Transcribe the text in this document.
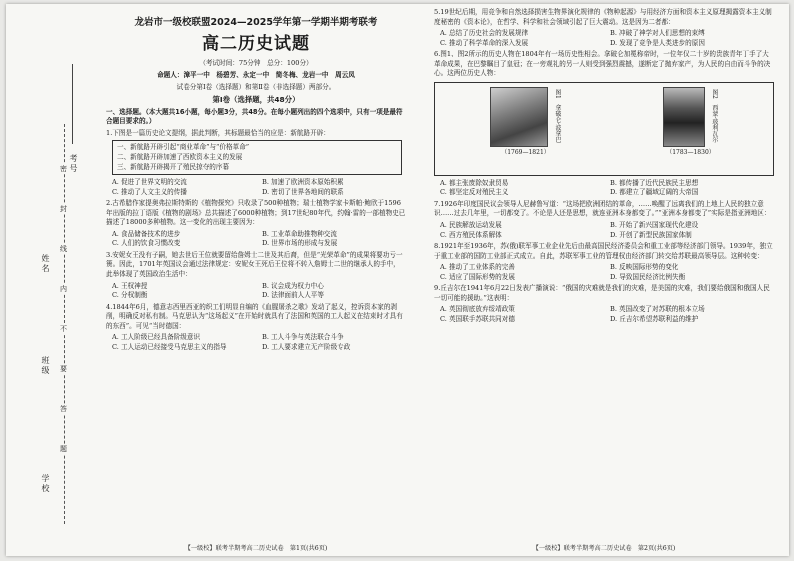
考号
姓名
班级
学校
密
封
线
内
不
要
答
题
龙岩市一级校联盟2024—2025学年第一学期半期考联考
高二历史试题

（考试时间：75分钟　总分：100分）

命题人：漳平一中　杨碧芳、永定一中　简冬梅、龙岩一中　周云凤

试卷分第Ⅰ卷（选择题）和第Ⅱ卷（非选择题）两部分。

第Ⅰ卷（选择题，共48分）

一、选择题。（本大题共16小题，每小题3分，共48分。在每小题列出的四个选项中，只有一项是最符合题目要求的。）

1.下图是一篇历史论文提纲，据此判断，其标题最恰当的应是：新航路开辟：

一、新航路开辟引起“商业革命”与“价格革命”
二、新航路开辟加速了西欧资本主义的发展
三、新航路开辟揭开了殖民掠夺的序幕
A. 促进了世界文明的交流	B. 加速了欧洲资本原始积累
C. 推动了人文主义的传播	D. 密切了世界各地间的联系

2.古希腊作家提奥弗拉斯特斯的《植物探究》只收录了500种植物；瑞士植物学家卡斯帕·鲍欣于1596年出版的拉丁语版《植物的剧场》总共描述了6000种植物；到17世纪80年代，约翰·雷的一部植物史已描述了18000多种植物。这一变化的出现主要因为：

A. 食品储备技术的进步	B. 工业革命助推物种交流
C. 人们的饮食习惯改变	D. 世界市场的形成与发展

3.安妮女王没有子嗣，她去世后王位就要留给詹姆士二世及其后裔，但是“光荣革命”的成果将要功亏一篑。因此，1701年英国议会通过法律规定：安妮女王死后王位将不转入詹姆士二世的继承人的手中，此举体现了英国政治生活中：

A. 王权神授	B. 议会成为权力中心
C. 分权制衡	D. 法律面前人人平等

4.1844年6月，德意志西里西亚的织工们明显自编的《血腥屠杀之歌》发动了起义，控诉资本家的剥削，明确反对私有制。马克思认为“这场起义”在开始时就具有了法国和英国的工人起义在结束时才具有的东西”。可见“当时德国：

A. 工人阶级已经具备阶级意识	B. 工人斗争与英法联合斗争
C. 工人运动已经接受马克思主义的指导	D. 工人要求建立无产阶级专政
【一级校】联考半期考高二历史试卷　第1页(共6页)

5.19世纪后期，用竞争和自然选择损害生物界演化规律的《物种起源》与用经济方面和资本主义原理揭露资本主义制度秘密的《资本论》，在哲学、科学和社会领域引起了巨大震动。这是因为二者都：

A. 总结了历史社会的发展规律	B. 冲破了神学对人们思想的束缚
C. 推动了科学革命的深入发展	D. 发现了竞争是人类进步的原因

6.图1、图2所示的历史人物在1804年有一场历史性相会。拿破仑加冕称帝时，一位年仅二十岁的贵族青年丁手了大革命成果，在巴黎瞩目了皇冠；在一旁观礼的另一人则受到强烈震撼，遂断定了抛弃家产，为人民的自由而斗争的决心。这两位历史人物：

图1　拿破仑·波拿巴
（1769—1821）
图2　西蒙·玻利瓦尔
（1783—1830）
A. 都主张废除奴隶贸易	B. 都传播了近代民族民主思想
C. 都坚定反对殖民主义	D. 都建立了疆域辽阔的大帝国

7.1926年印度国民议会领导人尼赫鲁写道：“这场把欧洲团结的革命，……唤醒了远离我们的上地上人民的独立意识……过去几年里，一切都变了。不论是人还是思想，就连亚洲本身都变了。”“亚洲本身都变了”实际是指亚洲地区：

A. 民族解放运动发展	B. 开始了新兴国家现代化建设
C. 西方殖民体系解体	D. 开创了新型民族国家体制

8.1921年至1936年，苏(俄)联军事工业企业先后由最高国民经济委员会和重工业部等经济部门领导。1939年，独立于重工业部的国防工业部正式成立。自此，苏联军事工业的管理权由经济部门转交给苏联最高领导层。这种转变：

A. 推动了工业体系的完善	B. 反映国际形势的变化
C. 适应了国际形势的发展	D. 导致国民经济比例失衡

9.丘吉尔在1941年6月22日发表广播演说：“俄国的灾难就是我们的灾难，是美国的灾难，我们要给俄国和俄国人民一切可能的援助。”这表明：

A. 英国彻底放弃绥靖政策	B. 英国改变了对苏联的根本立场
C. 英国联手苏联共同对德	D. 丘吉尔希望苏联利益的维护
【一级校】联考半期考高二历史试卷　第2页(共6页)
